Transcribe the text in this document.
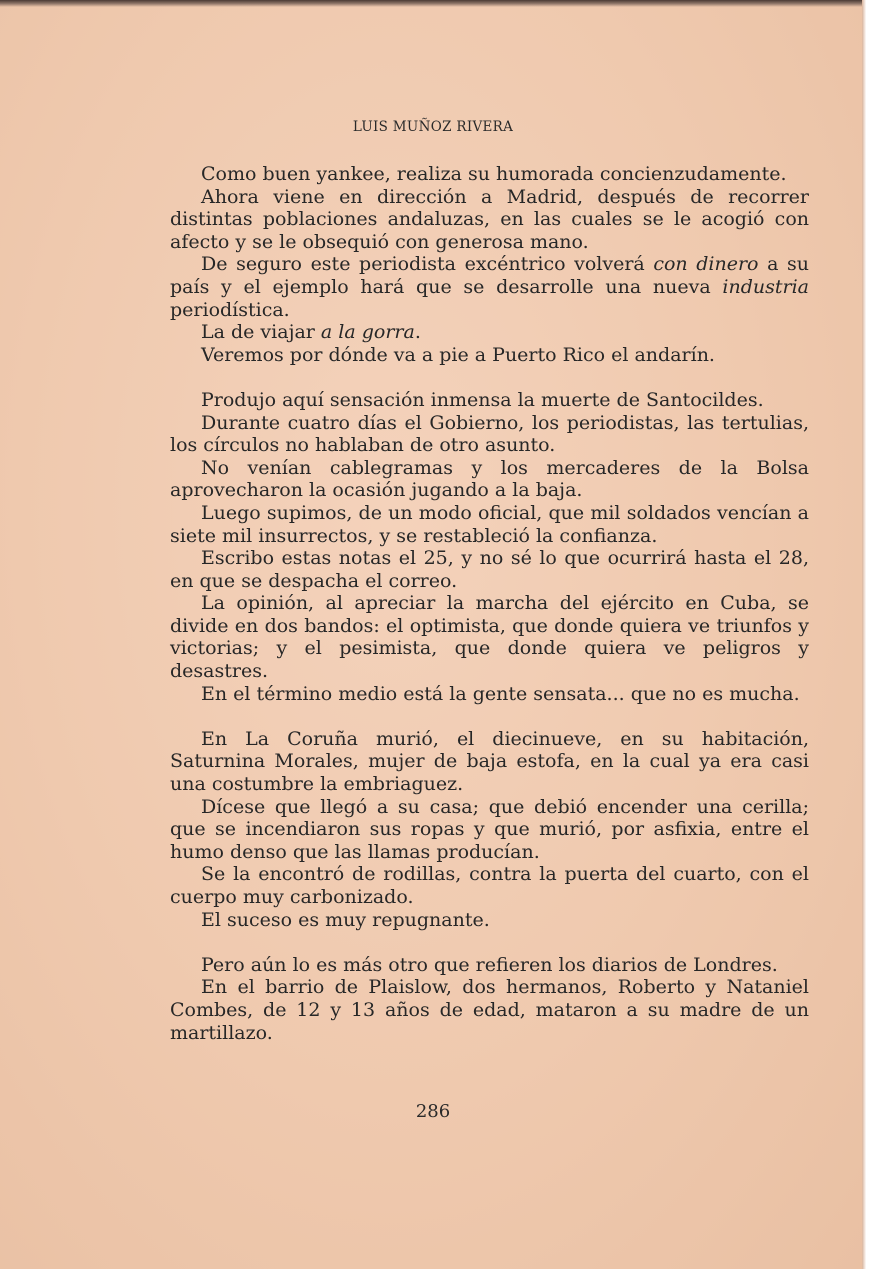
LUIS MUÑOZ RIVERA

Como buen yankee, realiza su humorada concienzudamente.

Ahora viene en dirección a Madrid, después de recorrer distintas poblaciones andaluzas, en las cuales se le acogió con afecto y se le obsequió con generosa mano.

De seguro este periodista excéntrico volverá con dinero a su país y el ejemplo hará que se desarrolle una nueva industria periodística.

La de viajar a la gorra.

Veremos por dónde va a pie a Puerto Rico el andarín.

Produjo aquí sensación inmensa la muerte de Santocildes.

Durante cuatro días el Gobierno, los periodistas, las tertulias, los círculos no hablaban de otro asunto.

No venían cablegramas y los mercaderes de la Bolsa aprovecharon la ocasión jugando a la baja.

Luego supimos, de un modo oficial, que mil soldados vencían a siete mil insurrectos, y se restableció la confianza.

Escribo estas notas el 25, y no sé lo que ocurrirá hasta el 28, en que se despacha el correo.

La opinión, al apreciar la marcha del ejército en Cuba, se divide en dos bandos: el optimista, que donde quiera ve triunfos y victorias; y el pesimista, que donde quiera ve peligros y desastres.

En el término medio está la gente sensata... que no es mucha.

En La Coruña murió, el diecinueve, en su habitación, Saturnina Morales, mujer de baja estofa, en la cual ya era casi una costumbre la embriaguez.

Dícese que llegó a su casa; que debió encender una cerilla; que se incendiaron sus ropas y que murió, por asfixia, entre el humo denso que las llamas producían.

Se la encontró de rodillas, contra la puerta del cuarto, con el cuerpo muy carbonizado.

El suceso es muy repugnante.

Pero aún lo es más otro que refieren los diarios de Londres.

En el barrio de Plaislow, dos hermanos, Roberto y Nataniel Combes, de 12 y 13 años de edad, mataron a su madre de un martillazo.

286
